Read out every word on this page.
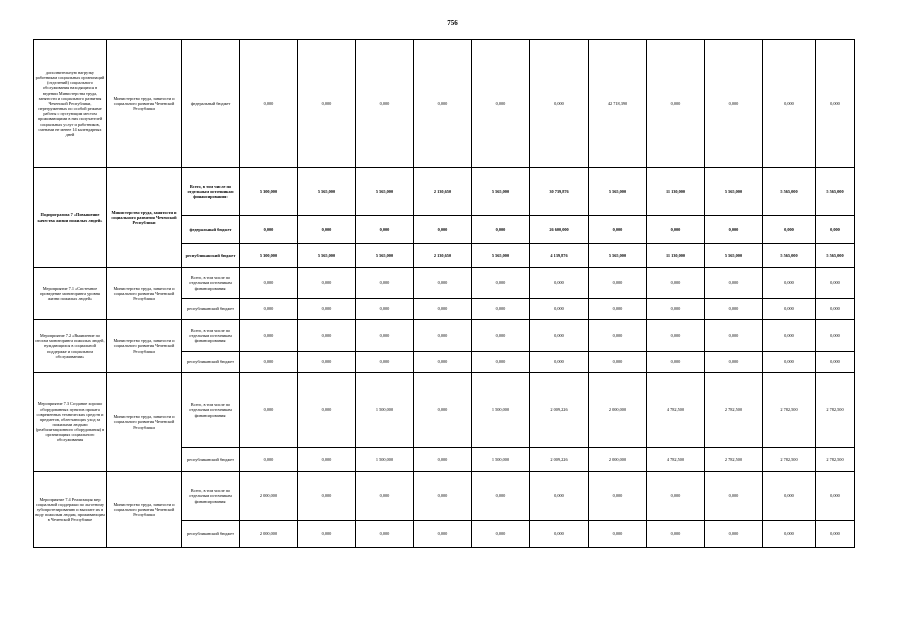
756
дополнительную нагрузку работникам социальных организаций (отделений) социального обслуживания находящихся в ведении Министерства труда, занятости и социального развития Чеченской Республики, перегруженных по особой режиме работы с пустующим местом проживающими в них получателей социальных услуг и работников, сменами не менее 14 календарных дней	Министерство труда, занятости и социального развития Чеченской Республики	федеральный бюджет	0,000	0,000	0,000	0,000	0,000	0,000	42 718,390	0,000	0,000	0,000	0,000
Подпрограмма 7 «Повышение качества жизни пожилых людей»	Министерство труда, занятости и социального развития Чеченской Республики	Всего, в том числе по отдельным источникам финансирования:	5 300,000	5 565,000	5 565,000	2 130,650	5 565,000	30 739,876	5 565,000	11 130,000	5 565,000	5 565,000	5 565,000
		федеральный бюджет	0,000	0,000	0,000	0,000	0,000	26 600,000	0,000	0,000	0,000	0,000	0,000
		республиканский бюджет	5 300,000	5 565,000	5 565,000	2 130,650	5 565,000	4 139,876	5 565,000	11 130,000	5 565,000	5 565,000	5 565,000
Мероприятие 7.1 «Системное проведение мониторинга уровня жизни пожилых людей»	Министерство труда, занятости и социального развития Чеченской Республики	Всего, в том числе по отдельным источникам финансирования:	0,000	0,000	0,000	0,000	0,000	0,000	0,000	0,000	0,000	0,000	0,000
		республиканский бюджет	0,000	0,000	0,000	0,000	0,000	0,000	0,000	0,000	0,000	0,000	0,000
Мероприятие 7.2 «Выявление по итогам мониторинга пожилых людей, нуждающихся в социальной поддержке и социальном обслуживании»	Министерство труда, занятости и социального развития Чеченской Республики	Всего, в том числе по отдельным источникам финансирования:	0,000	0,000	0,000	0,000	0,000	0,000	0,000	0,000	0,000	0,000	0,000
		республиканский бюджет	0,000	0,000	0,000	0,000	0,000	0,000	0,000	0,000	0,000	0,000	0,000
Мероприятие 7.3 Создание хорошо оборудованных пунктов проката современных технических средств и предметов, облегчающих уход за пожилыми людьми (реабилитационного оборудования) в организациях социального обслуживания	Министерство труда, занятости и социального развития Чеченской Республики	Всего, в том числе по отдельным источникам финансирования:	0,000	0,000	1 500,000	0,000	1 500,000	2 009,226	2 000,000	4 782,500	2 782,500	2 782,500	2 782,500
		республиканский бюджет	0,000	0,000	1 500,000	0,000	1 500,000	2 009,226	2 000,000	4 782,500	2 782,500	2 782,500	2 782,500
Мероприятие 7.4 Реализация мер социальной поддержки по льготному зубопротезированию и выплате их в виду пожилым людям, проживающим в Чеченской Республике	Министерство труда, занятости и социального развития Чеченской Республики	Всего, в том числе по отдельным источникам финансирования:	2 000,000	0,000	0,000	0,000	0,000	0,000	0,000	0,000	0,000	0,000	0,000
		республиканский бюджет	2 000,000	0,000	0,000	0,000	0,000	0,000	0,000	0,000	0,000	0,000	0,000
